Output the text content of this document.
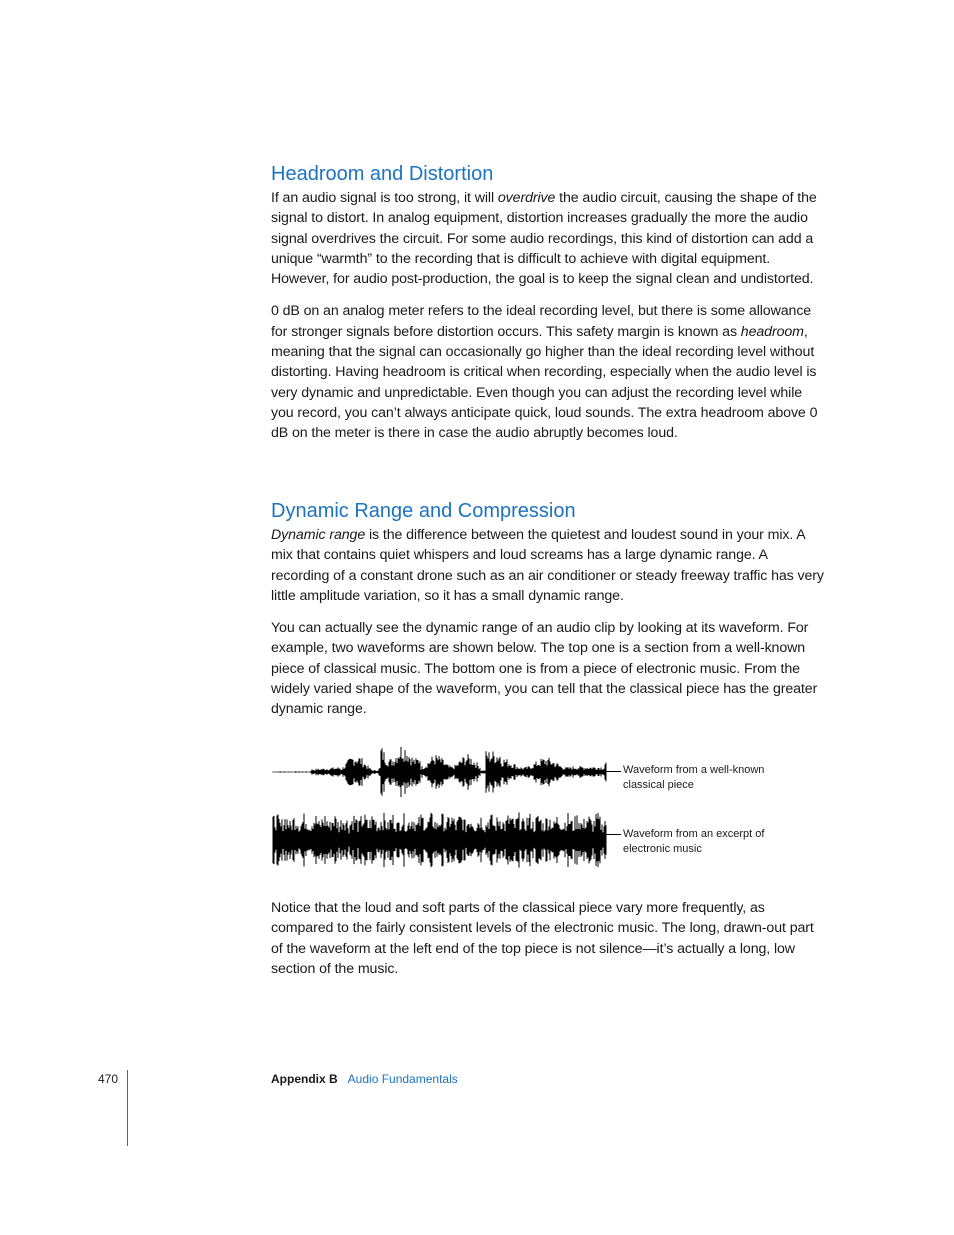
Headroom and Distortion

If an audio signal is too strong, it will overdrive the audio circuit, causing the shape of the signal to distort. In analog equipment, distortion increases gradually the more the audio signal overdrives the circuit. For some audio recordings, this kind of distortion can add a unique “warmth” to the recording that is difficult to achieve with digital equipment. However, for audio post-production, the goal is to keep the signal clean and undistorted.

0 dB on an analog meter refers to the ideal recording level, but there is some allowance for stronger signals before distortion occurs. This safety margin is known as headroom, meaning that the signal can occasionally go higher than the ideal recording level without distorting. Having headroom is critical when recording, especially when the audio level is very dynamic and unpredictable. Even though you can adjust the recording level while you record, you can’t always anticipate quick, loud sounds. The extra headroom above 0 dB on the meter is there in case the audio abruptly becomes loud.

Dynamic Range and Compression

Dynamic range is the difference between the quietest and loudest sound in your mix. A mix that contains quiet whispers and loud screams has a large dynamic range. A recording of a constant drone such as an air conditioner or steady freeway traffic has very little amplitude variation, so it has a small dynamic range.

You can actually see the dynamic range of an audio clip by looking at its waveform. For example, two waveforms are shown below. The top one is a section from a well-known piece of classical music. The bottom one is from a piece of electronic music. From the widely varied shape of the waveform, you can tell that the classical piece has the greater dynamic range.

Waveform from a well-known
classical piece
Waveform from an excerpt of
electronic music

Notice that the loud and soft parts of the classical piece vary more frequently, as compared to the fairly consistent levels of the electronic music. The long, drawn-out part of the waveform at the left end of the top piece is not silence—it’s actually a long, low section of the music.

470	Appendix B Audio Fundamentals
